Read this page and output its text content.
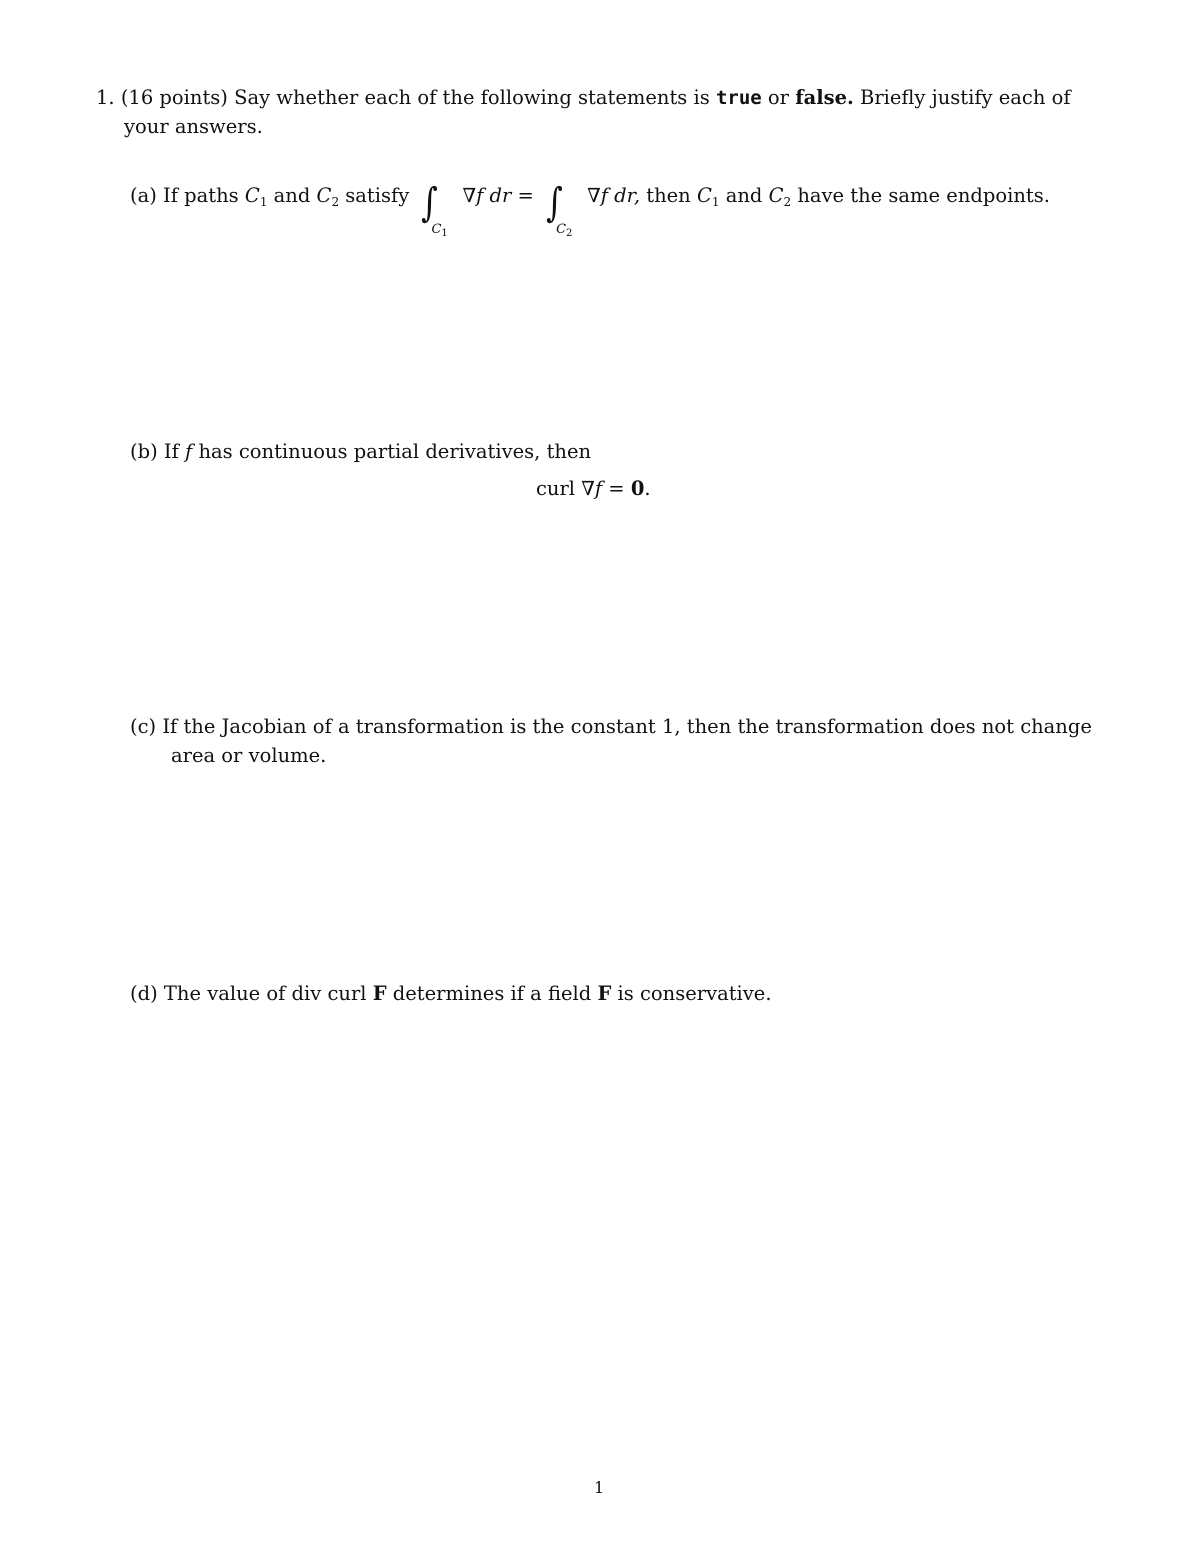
1. (16 points) Say whether each of the following statements is true or false. Briefly justify each of
your answers.
(a) If paths $C_1$ and $C_2$ satisfy ∫
$C_1$
∇f dr = ∫
$C_2$
∇f dr, then $C_1$ and $C_2$ have the same endpoints.
(b) If f has continuous partial derivatives, then
curl ∇f = 0.
(c) If the Jacobian of a transformation is the constant 1, then the transformation does not change
area or volume.
(d) The value of div curl F determines if a field F is conservative.
1
